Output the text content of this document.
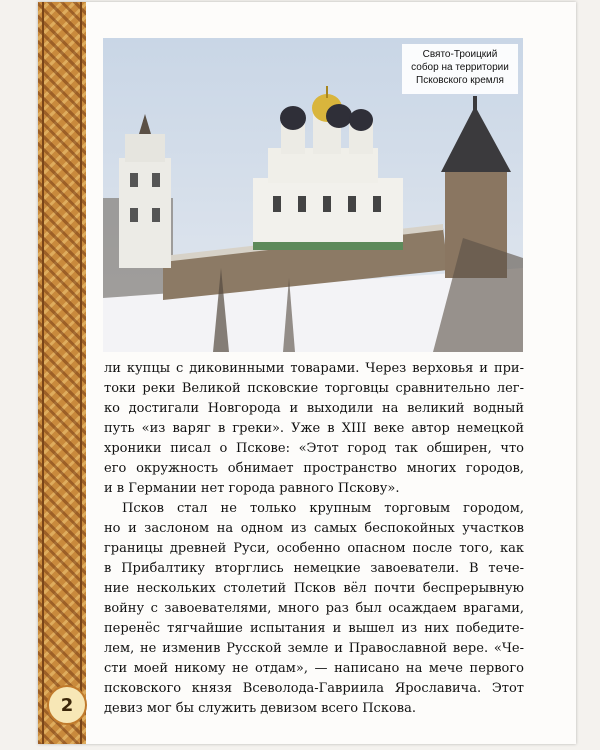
Свято-Троицкий
собор на территории
Псковского кремля
ли купцы с диковинными товарами. Через верховья и при-
токи реки Великой псковские торговцы сравнительно лег-
ко достигали Новгорода и выходили на великий водный
путь «из варяг в греки». Уже в XIII веке автор немецкой
хроники писал о Пскове: «Этот город так обширен, что
его окружность обнимает пространство многих городов,
и в Германии нет города равного Пскову».
Псков стал не только крупным торговым городом,
но и заслоном на одном из самых беспокойных участков
границы древней Руси, особенно опасном после того, как
в Прибалтику вторглись немецкие завоеватели. В тече-
ние нескольких столетий Псков вёл почти беспрерывную
войну с завоевателями, много раз был осаждаем врагами,
перенёс тягчайшие испытания и вышел из них победите-
лем, не изменив Русской земле и Православной вере. «Че-
сти моей никому не отдам», — написано на мече первого
псковского князя Всеволода-Гавриила Ярославича. Этот
девиз мог бы служить девизом всего Пскова.
2
